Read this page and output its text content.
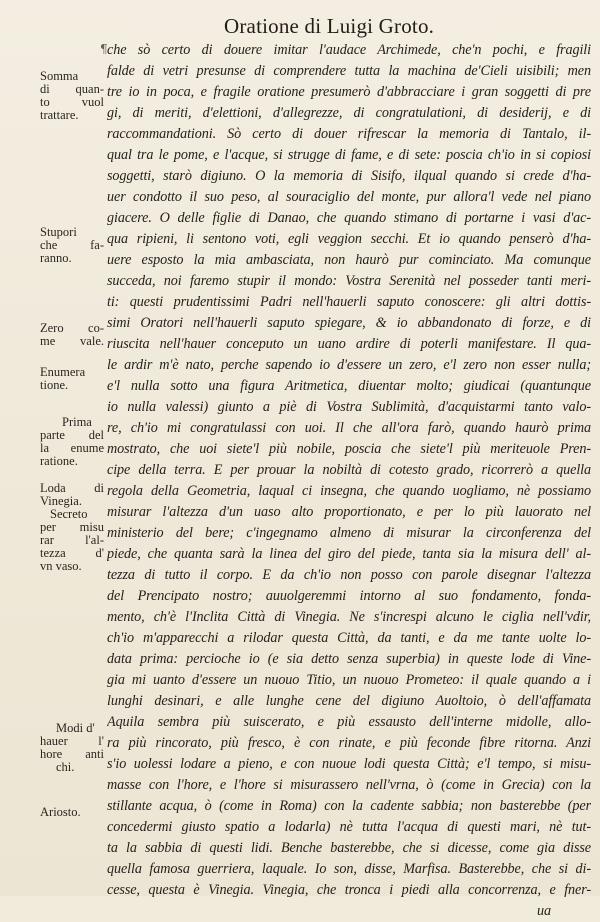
Oratione di Luigi Groto.
¶ che sò certo di douere imitar l'audace Archimede, che'n pochi, e fragili
falde di vetri presunse di comprendere tutta la machina de'Cieli uisibili; men
tre io in poca, e fragile oratione presumerò d'abbracciare i gran soggetti di pre
gi, di meriti, d'elettioni, d'allegrezze, di congratulationi, di desiderij, e di
raccommandationi. Sò certo di douer rifrescar la memoria di Tantalo, il-
qual tra le pome, e l'acque, si strugge di fame, e di sete: posciа ch'io in si copiosi
soggetti, starò digiuno. O la memoria di Sisifo, ilqual quando si crede d'ha-
uer condotto il suo peso, al sourаciglio del monte, pur allora'l vede nel piano
giacere. O delle figlie di Danao, che quando stimano di portarne i vasi d'ac-
qua ripieni, li sentono voti, egli veggion secchi. Et io quando penserò d'ha-
uere esposto la mia ambasciata, non haurò pur cominciato. Ma comunque
succeda, noi faremo stupir il mondo: Vostra Serenità nel posseder tanti meri-
ti: questi prudentissimi Padri nell'hauerli saputo conoscere: gli altri dottis-
simi Oratori nell'hauerli saputo spiegare, & io abbandonato di forze, e di
riuscita nell'hauer conceputo un uano ardire di poterli manifestare. Il qua-
le ardir m'è nato, perche sapendo io d'essere un zero, e'l zero non esser nulla;
e'l nulla sotto una figura Aritmetica, diuentar molto; giudicai (quantunque
io nulla valessi) giunto a piè di Vostra Sublimità, d'acquistarmi tanto valo-
re, ch'io mi congratulassi con uoi. Il che all'ora farò, quando haurò prima
mostrato, che uoi siete'l più nobile, posciа che siete'l più meriteuole Pren-
cipe della terra. E per prouar la nobiltà di cotesto grado, ricorrerò a quella
regola della Geometria, laqual ci insegna, che quando uogliamo, nè possiamo
misurar l'altezza d'un uaso alto proportionato, e per lo più lauorato nel
ministerio del bere; c'ingegnamo almeno di misurar la circonferenza del
piede, che quanta sarà la linea del giro del piede, tanta sia la misura dell' al-
tezza di tutto il corpo. E da ch'io non posso con parole disegnar l'altezza
del Prencipato nostro; auuolgeremmi intorno al suo fondamento, fonda-
mento, ch'è l'Inclita Città di Vinegia. Ne s'increspi alcuno le ciglia nell'vdir,
ch'io m'apparecchi a rilodar questa Città, da tanti, e da me tante uolte lo-
data prima: percioche io (e sia detto senza superbia) in queste lode di Vine-
gia mi uanto d'essere un nuouo Titio, un nuouo Prometeo: il quale quando a i
lunghi desinari, e alle lunghe cene del digiuno Auoltoio, ò dell'affamata
Aquila sembra più suiscerato, e più essausto dell'interne midolle, allo-
ra più rincorato, più fresco, è con rinate, e più feconde fibre ritorna. Anzi
s'io uolessi lodare a pieno, e con nuoue lodi questa Città; e'l tempo, si misu-
masse con l'hore, e l'hore si misurassero nell'vrna, ò (come in Grecia) con la
stillante acqua, ò (come in Roma) con la cadente sabbia; non basterebbe (per
concedermi giusto spatio a lodarla) nè tutta l'acqua di questi mari, nè tut-
ta la sabbia di questi lidi. Benche basterebbe, che si dicesse, come gia disse
quella famosa guerriera, laquale. Io son, disse, Marfisa. Basterebbe, che si di-
cesse, questa è Vinegia. Vinegia, che tronca i piedi alla concorrenza, e fner-
ua
Somma
di quan-
to vuol
trattare.
Stupori
che fa-
ranno.
Zero co-
me vale.
Enumera
tione.
Prima
parte del
la enume
ratione.
Loda di
Vinegia.
Secreto
per misu
rar l'al-
tezza d'
vn vaso.
Modi d'
hauer l'
hore anti
chi.
Ariosto.
